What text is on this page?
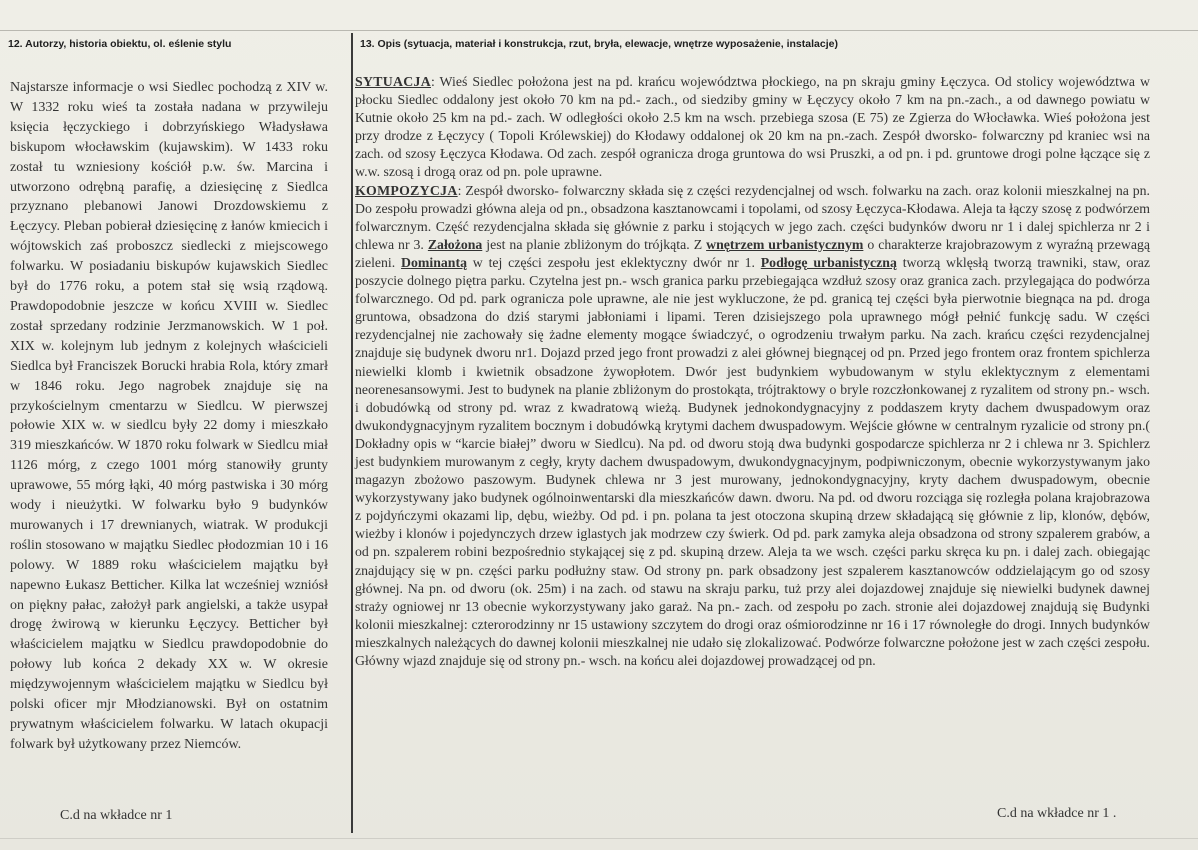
12. Autorzy, historia obiektu, ol. eślenie stylu	13. Opis (sytuacja, materiał i konstrukcja, rzut, bryła, elewacje, wnętrze wyposażenie, instalacje)

Najstarsze informacje o wsi Siedlec pochodzą z XIV w. W 1332 roku wieś ta została nadana w przywileju księcia łęczyckiego i dobrzyńskiego Władysława biskupom włocławskim (kujawskim). W 1433 roku został tu wzniesiony kościół p.w. św. Marcina i utworzono odrębną parafię, a dziesięcinę z Siedlca przyznano plebanowi Janowi Drozdowskiemu z Łęczycy. Pleban pobierał dziesięcinę z łanów kmiecich i wójtowskich zaś proboszcz siedlecki z miejscowego folwarku. W posiadaniu biskupów kujawskich Siedlec był do 1776 roku, a potem stał się wsią rządową. Prawdopodobnie jeszcze w końcu XVIII w. Siedlec został sprzedany rodzinie Jerzmanowskich. W 1 poł. XIX w. kolejnym lub jednym z kolejnych właścicieli Siedlca był Franciszek Borucki hrabia Rola, który zmarł w 1846 roku. Jego nagrobek znajduje się na przykościelnym cmentarzu w Siedlcu. W pierwszej połowie XIX w. w siedlcu były 22 domy i mieszkało 319 mieszkańców. W 1870 roku folwark w Siedlcu miał 1126 mórg, z czego 1001 mórg stanowiły grunty uprawowe, 55 mórg łąki, 40 mórg pastwiska i 30 mórg wody i nieużytki. W folwarku było 9 budynków murowanych i 17 drewnianych, wiatrak. W produkcji roślin stosowano w majątku Siedlec płodozmian 10 i 16 polowy. W 1889 roku właścicielem majątku był napewno Łukasz Betticher. Kilka lat wcześniej wzniósł on piękny pałac, założył park angielski, a także usypał drogę żwirową w kierunku Łęczycy. Betticher był właścicielem majątku w Siedlcu prawdopodobnie do połowy lub końca 2 dekady XX w. W okresie międzywojennym właścicielem majątku w Siedlcu był polski oficer mjr Młodzianowski. Był on ostatnim prywatnym właścicielem folwarku. W latach okupacji folwark był użytkowany przez Niemców.

C.d na wkładce nr 1

SYTUACJA: Wieś Siedlec położona jest na pd. krańcu województwa płockiego, na pn skraju gminy Łęczyca. Od stolicy województwa w płocku Siedlec oddalony jest około 70 km na pd.- zach., od siedziby gminy w Łęczycy około 7 km na pn.-zach., a od dawnego powiatu w Kutnie około 25 km na pd.- zach. W odległości około 2.5 km na wsch. przebiega szosa (E 75) ze Zgierza do Włocławka. Wieś położona jest przy drodze z Łęczycy ( Topoli Królewskiej) do Kłodawy oddalonej ok 20 km na pn.-zach. Zespół dworsko- folwarczny pd kraniec wsi na zach. od szosy Łęczyca Kłodawa. Od zach. zespół ogranicza droga gruntowa do wsi Pruszki, a od pn. i pd. gruntowe drogi polne łączące się z w.w. szosą i drogą oraz od pn. pole uprawne.
KOMPOZYCJA: Zespół dworsko- folwarczny składa się z części rezydencjalnej od wsch. folwarku na zach. oraz kolonii mieszkalnej na pn. Do zespołu prowadzi główna aleja od pn., obsadzona kasztanowcami i topolami, od szosy Łęczyca-Kłodawa. Aleja ta łączy szosę z podwórzem folwarcznym. Część rezydencjalna składa się głównie z parku i stojących w jego zach. części budynków dworu nr 1 i dalej spichlerza nr 2 i chlewa nr 3. Założona jest na planie zbliżonym do trójkąta. Z wnętrzem urbanistycznym o charakterze krajobrazowym z wyraźną przewagą zieleni. Dominantą w tej części zespołu jest eklektyczny dwór nr 1. Podłogę urbanistyczną tworzą wklęsłą tworzą trawniki, staw, oraz poszycie dolnego piętra parku. Czytelna jest pn.- wsch granica parku przebiegająca wzdłuż szosy oraz granica zach. przylegająca do podwórza folwarcznego. Od pd. park ogranicza pole uprawne, ale nie jest wykluczone, że pd. granicą tej części była pierwotnie biegnąca na pd. droga gruntowa, obsadzona do dziś starymi jabłoniami i lipami. Teren dzisiejszego pola uprawnego mógł pełnić funkcję sadu. W części rezydencjalnej nie zachowały się żadne elementy mogące świadczyć, o ogrodzeniu trwałym parku. Na zach. krańcu części rezydencjalnej znajduje się budynek dworu nr1. Dojazd przed jego front prowadzi z alei głównej biegnącej od pn. Przed jego frontem oraz frontem spichlerza niewielki klomb i kwietnik obsadzone żywopłotem. Dwór jest budynkiem wybudowanym w stylu eklektycznym z elementami neorenesansowymi. Jest to budynek na planie zbliżonym do prostokąta, trójtraktowy o bryle rozczłonkowanej z ryzalitem od strony pn.- wsch. i dobudówką od strony pd. wraz z kwadratową wieżą. Budynek jednokondygnacyjny z poddaszem kryty dachem dwuspadowym oraz dwukondygnacyjnym ryzalitem bocznym i dobudówką krytymi dachem dwuspadowym. Wejście główne w centralnym ryzalicie od strony pn.( Dokładny opis w “karcie białej” dworu w Siedlcu). Na pd. od dworu stoją dwa budynki gospodarcze spichlerza nr 2 i chlewa nr 3. Spichlerz jest budynkiem murowanym z cegły, kryty dachem dwuspadowym, dwukondygnacyjnym, podpiwniczonym, obecnie wykorzystywanym jako magazyn zbożowo paszowym. Budynek chlewa nr 3 jest murowany, jednokondygnacyjny, kryty dachem dwuspadowym, obecnie wykorzystywany jako budynek ogólnoinwentarski dla mieszkańców dawn. dworu. Na pd. od dworu rozciąga się rozległa polana krajobrazowa z pojdyńczymi okazami lip, dębu, wieżby. Od pd. i pn. polana ta jest otoczona skupiną drzew składającą się głównie z lip, klonów, dębów, wieżby i klonów i pojedynczych drzew iglastych jak modrzew czy świerk. Od pd. park zamyka aleja obsadzona od strony szpalerem grabów, a od pn. szpalerem robini bezpośrednio stykającej się z pd. skupiną drzew. Aleja ta we wsch. części parku skręca ku pn. i dalej zach. obiegając znajdujący się w pn. części parku podłużny staw. Od strony pn. park obsadzony jest szpalerem kasztanowców oddzielającym go od szosy głównej. Na pn. od dworu (ok. 25m) i na zach. od stawu na skraju parku, tuż przy alei dojazdowej znajduje się niewielki budynek dawnej straży ogniowej nr 13 obecnie wykorzystywany jako garaż. Na pn.- zach. od zespołu po zach. stronie alei dojazdowej znajdują się Budynki kolonii mieszkalnej: czterorodzinny nr 15 ustawiony szczytem do drogi oraz ośmiorodzinne nr 16 i 17 równoległe do drogi. Innych budynków mieszkalnych należących do dawnej kolonii mieszkalnej nie udało się zlokalizować. Podwórze folwarczne położone jest w zach części zespołu. Główny wjazd znajduje się od strony pn.- wsch. na końcu alei dojazdowej prowadzącej od pn.

C.d na wkładce nr 1 .
